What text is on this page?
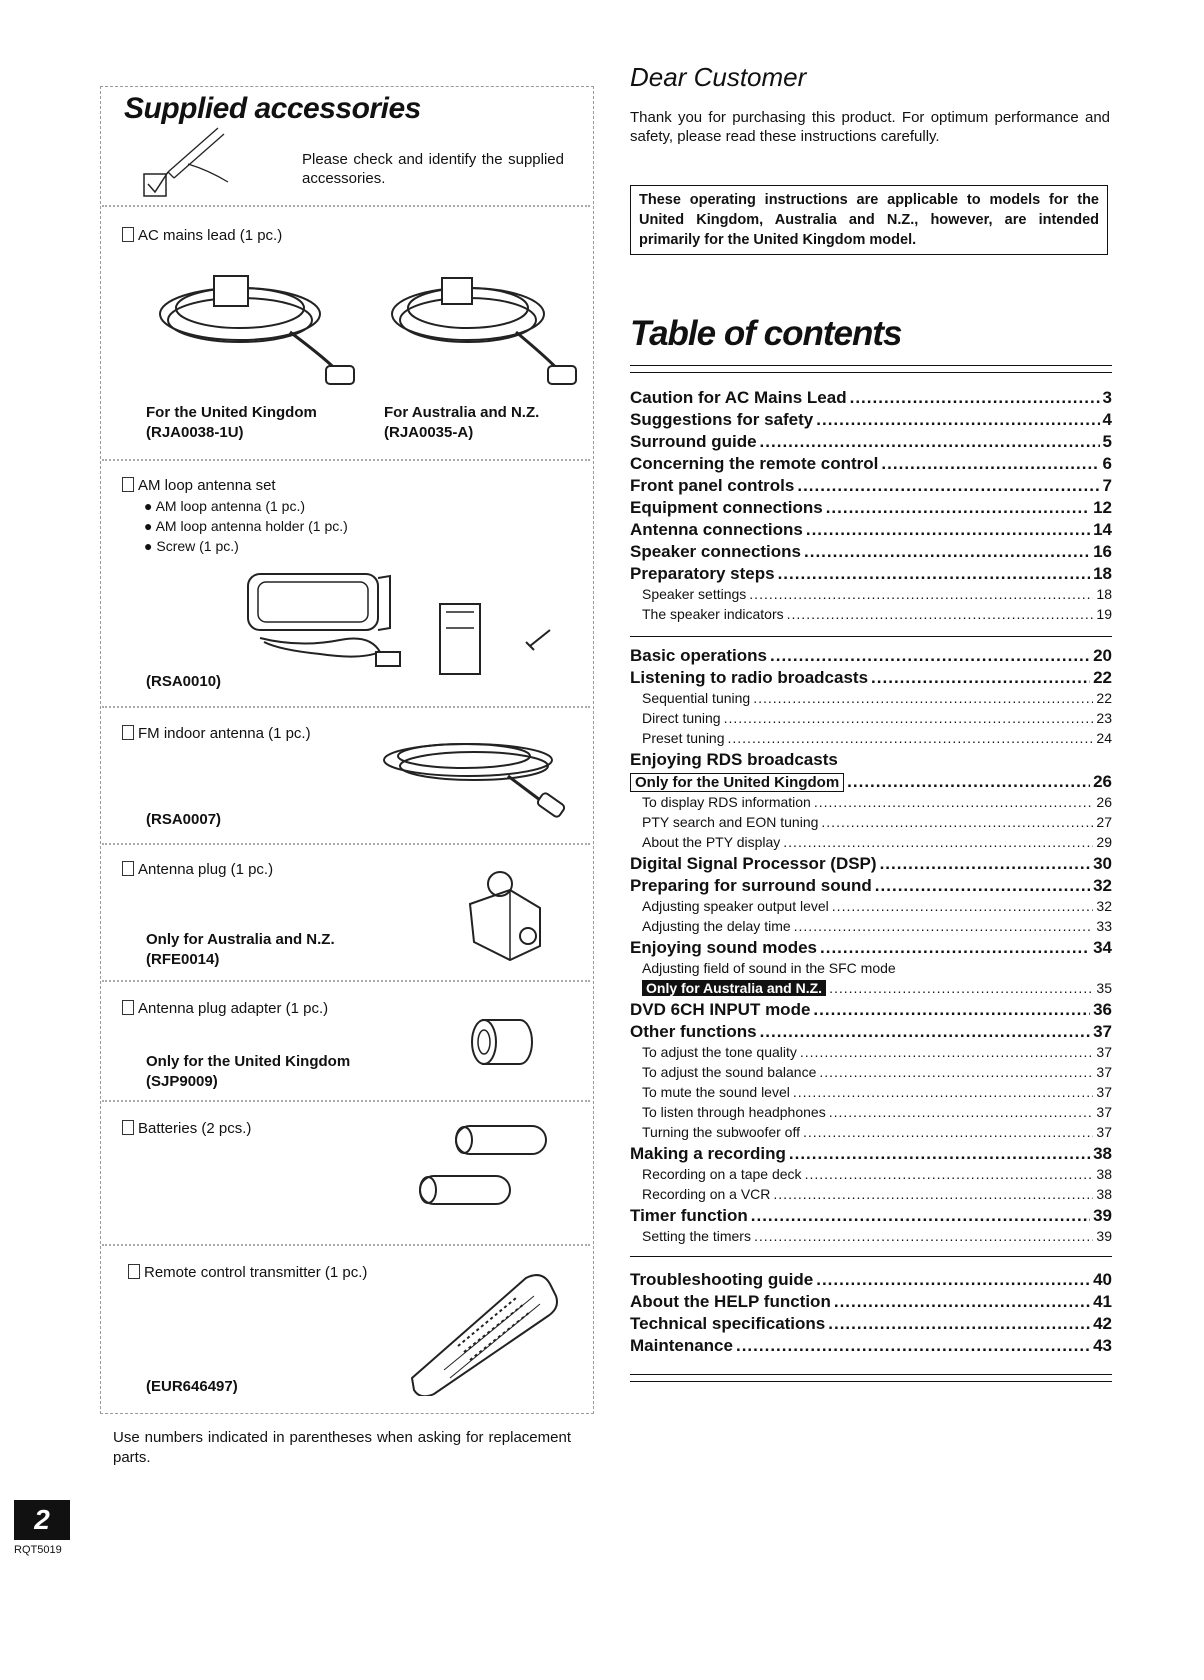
Supplied accessories
Please check and identify the supplied accessories.
AC mains lead (1 pc.)
For the United Kingdom
(RJA0038-1U)
For Australia and N.Z.
(RJA0035-A)
AM loop antenna set
● AM loop antenna (1 pc.)
● AM loop antenna holder (1 pc.)
● Screw (1 pc.)
(RSA0010)
FM indoor antenna (1 pc.)
(RSA0007)
Antenna plug (1 pc.)
Only for Australia and N.Z.
(RFE0014)
Antenna plug adapter (1 pc.)
Only for the United Kingdom
(SJP9009)
Batteries (2 pcs.)
Remote control transmitter (1 pc.)
(EUR646497)
Use numbers indicated in parentheses when asking for replacement parts.
2
RQT5019
Dear Customer
Thank you for purchasing this product. For optimum performance and safety, please read these instructions carefully.
These operating instructions are applicable to models for the United Kingdom, Australia and N.Z., however, are intended primarily for the United Kingdom model.
Table of contents
Caution for AC Mains Lead .....	3
Suggestions for safety .....	4
Surround guide .....	5
Concerning the remote control .....	6
Front panel controls .....	7
Equipment connections .....	12
Antenna connections .....	14
Speaker connections .....	16
Preparatory steps .....	18
Speaker settings .....	18
The speaker indicators .....	19
Basic operations .....	20
Listening to radio broadcasts .....	22
Sequential tuning .....	22
Direct tuning .....	23
Preset tuning .....	24
Enjoying RDS broadcasts
Only for the United Kingdom .....	26
To display RDS information .....	26
PTY search and EON tuning .....	27
About the PTY display .....	29
Digital Signal Processor (DSP) .....	30
Preparing for surround sound .....	32
Adjusting speaker output level .....	32
Adjusting the delay time .....	33
Enjoying sound modes .....	34
Adjusting field of sound in the SFC mode
Only for Australia and N.Z. .....	35
DVD 6CH INPUT mode .....	36
Other functions .....	37
To adjust the tone quality .....	37
To adjust the sound balance .....	37
To mute the sound level .....	37
To listen through headphones .....	37
Turning the subwoofer off .....	37
Making a recording .....	38
Recording on a tape deck .....	38
Recording on a VCR .....	38
Timer function .....	39
Setting the timers .....	39
Troubleshooting guide .....	40
About the HELP function .....	41
Technical specifications .....	42
Maintenance .....	43
